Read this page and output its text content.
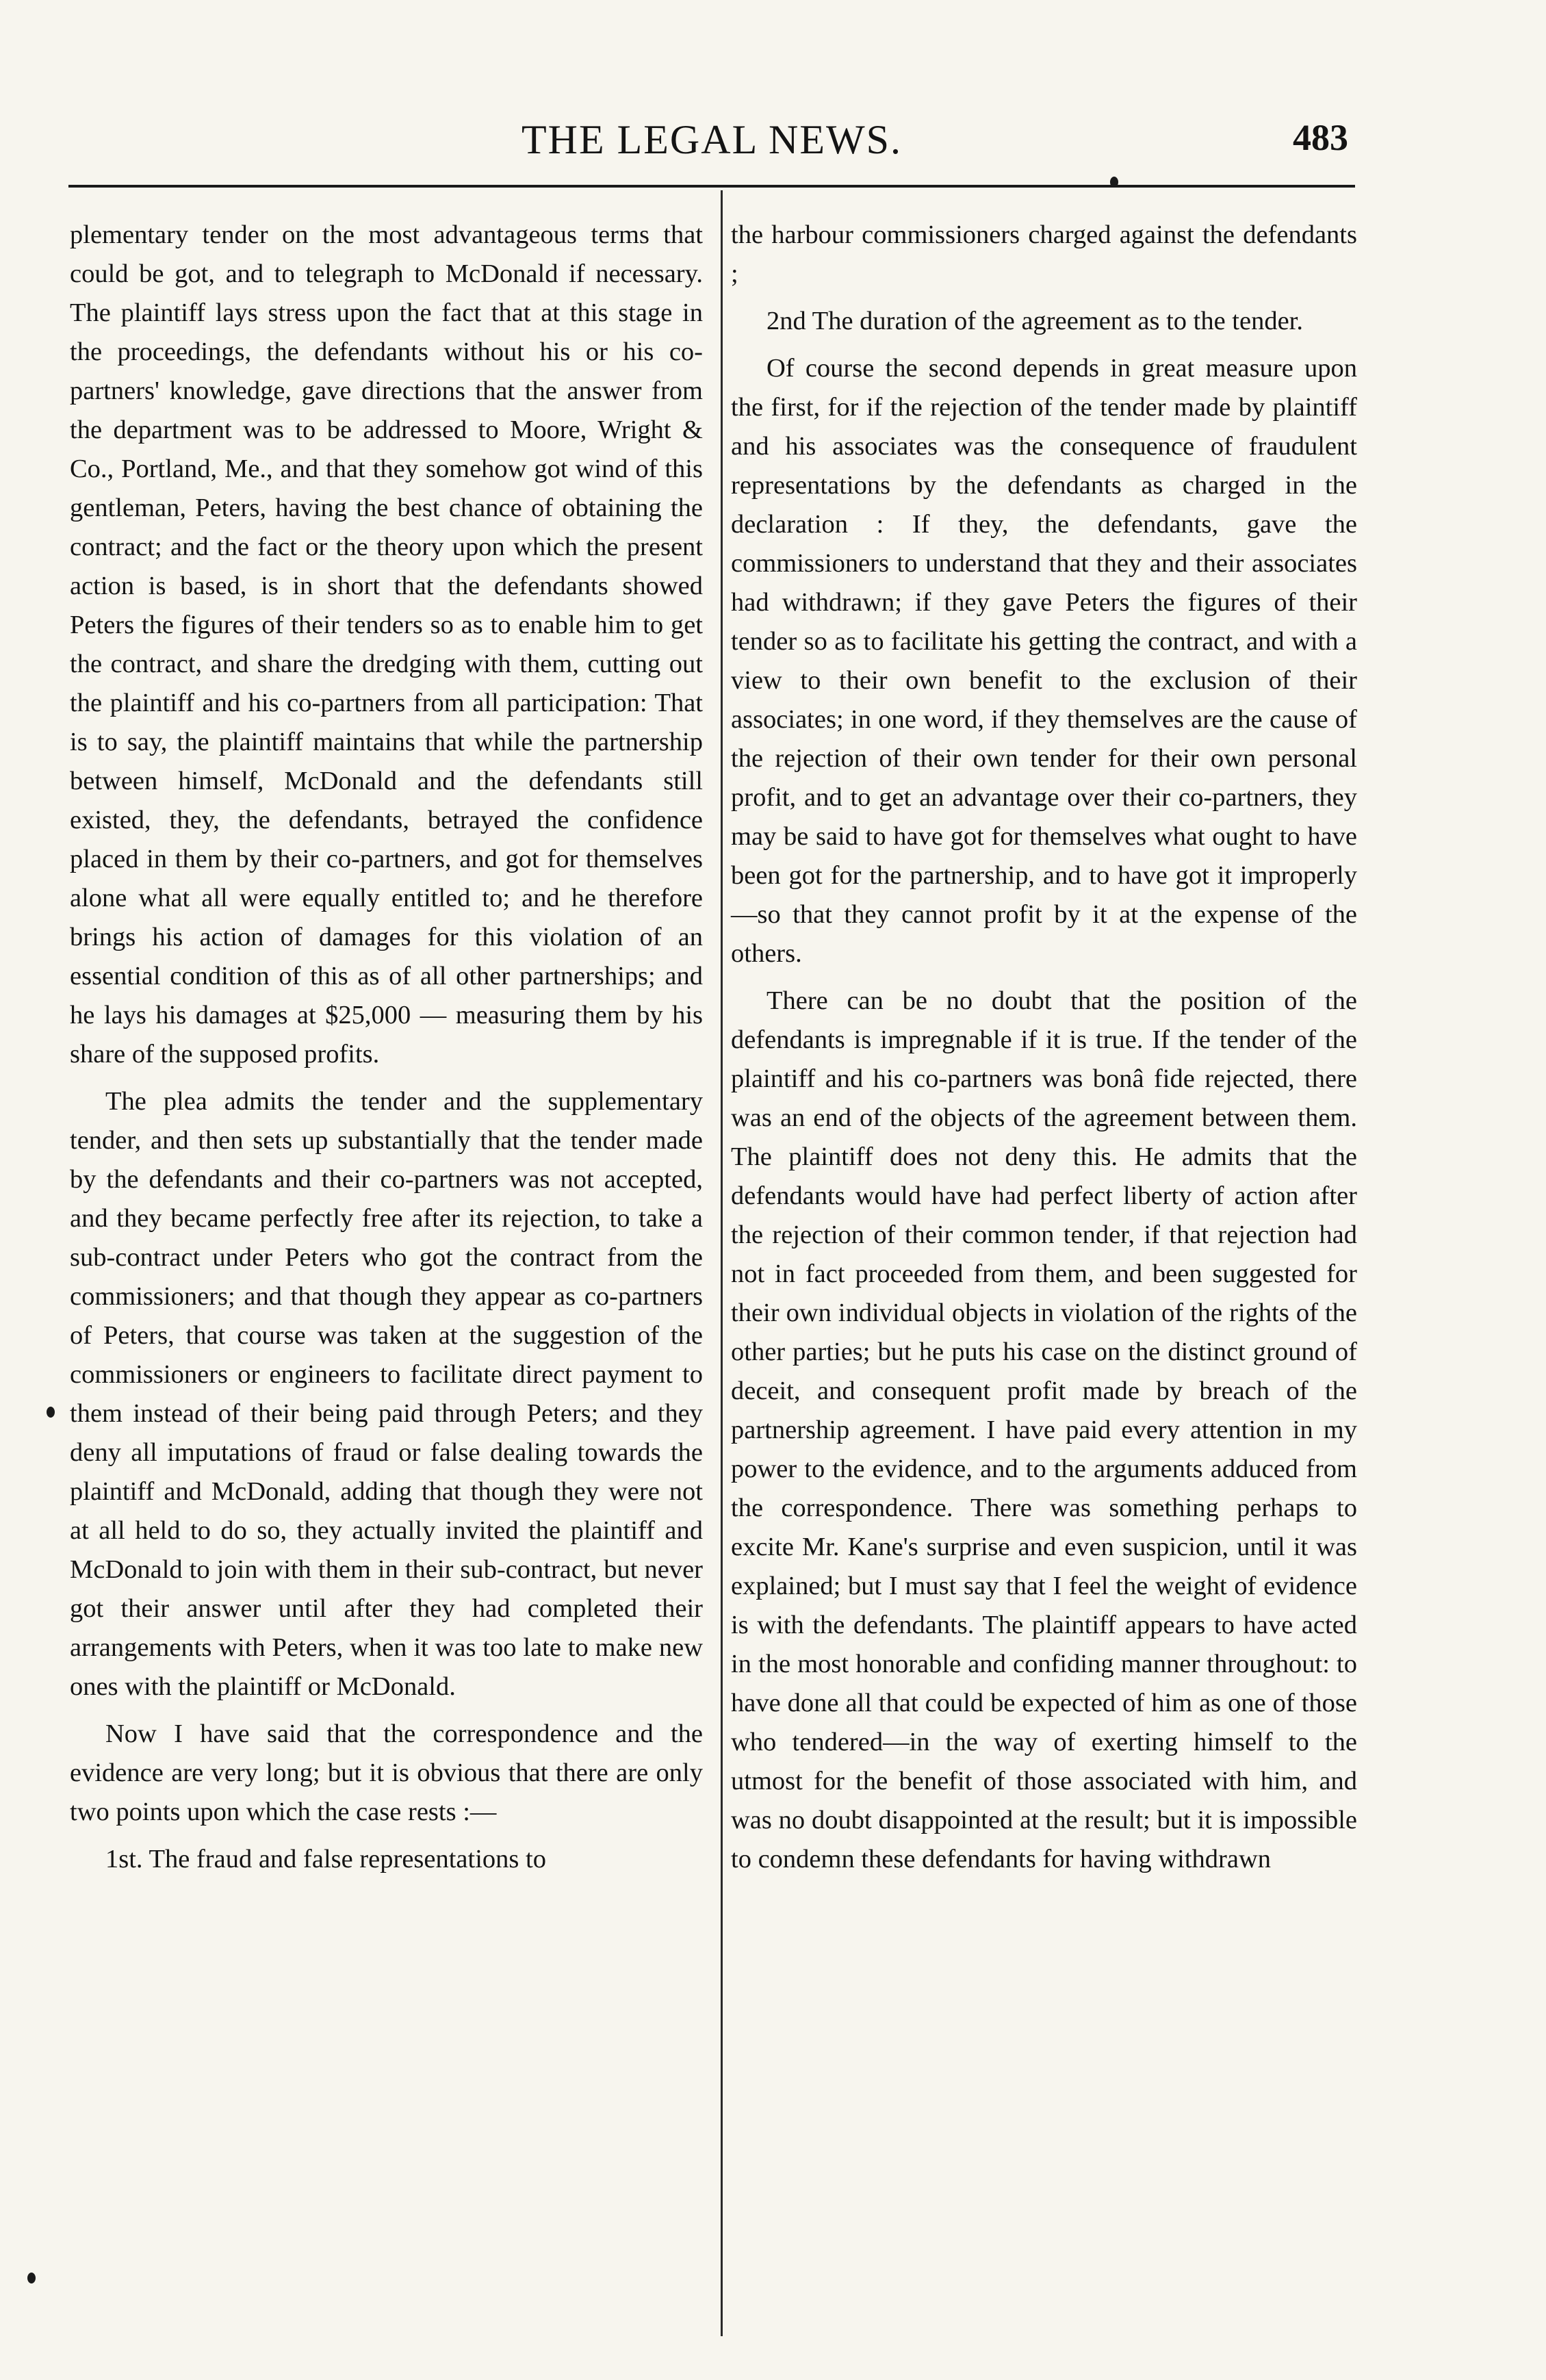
THE LEGAL NEWS.	483

plementary tender on the most advantageous terms that could be got, and to telegraph to McDonald if necessary. The plaintiff lays stress upon the fact that at this stage in the proceedings, the defendants without his or his co-partners' knowledge, gave directions that the answer from the department was to be addressed to Moore, Wright & Co., Portland, Me., and that they somehow got wind of this gentleman, Peters, having the best chance of obtaining the contract; and the fact or the theory upon which the present action is based, is in short that the defendants showed Peters the figures of their tenders so as to enable him to get the contract, and share the dredging with them, cutting out the plaintiff and his co-partners from all participation: That is to say, the plaintiff maintains that while the partnership between himself, McDonald and the defendants still existed, they, the defendants, betrayed the confidence placed in them by their co-partners, and got for themselves alone what all were equally entitled to; and he therefore brings his action of damages for this violation of an essential condition of this as of all other partnerships; and he lays his damages at $25,000 — measuring them by his share of the supposed profits.

The plea admits the tender and the supplementary tender, and then sets up substantially that the tender made by the defendants and their co-partners was not accepted, and they became perfectly free after its rejection, to take a sub-contract under Peters who got the contract from the commissioners; and that though they appear as co-partners of Peters, that course was taken at the suggestion of the commissioners or engineers to facilitate direct payment to them instead of their being paid through Peters; and they deny all imputations of fraud or false dealing towards the plaintiff and McDonald, adding that though they were not at all held to do so, they actually invited the plaintiff and McDonald to join with them in their sub-contract, but never got their answer until after they had completed their arrangements with Peters, when it was too late to make new ones with the plaintiff or McDonald.

Now I have said that the correspondence and the evidence are very long; but it is obvious that there are only two points upon which the case rests :—

1st. The fraud and false representations to

the harbour commissioners charged against the defendants ;

2nd The duration of the agreement as to the tender.

Of course the second depends in great measure upon the first, for if the rejection of the tender made by plaintiff and his associates was the consequence of fraudulent representations by the defendants as charged in the declaration : If they, the defendants, gave the commissioners to understand that they and their associates had withdrawn; if they gave Peters the figures of their tender so as to facilitate his getting the contract, and with a view to their own benefit to the exclusion of their associates; in one word, if they themselves are the cause of the rejection of their own tender for their own personal profit, and to get an advantage over their co-partners, they may be said to have got for themselves what ought to have been got for the partnership, and to have got it improperly—so that they cannot profit by it at the expense of the others.

There can be no doubt that the position of the defendants is impregnable if it is true. If the tender of the plaintiff and his co-partners was bonâ fide rejected, there was an end of the objects of the agreement between them. The plaintiff does not deny this. He admits that the defendants would have had perfect liberty of action after the rejection of their common tender, if that rejection had not in fact proceeded from them, and been suggested for their own individual objects in violation of the rights of the other parties; but he puts his case on the distinct ground of deceit, and consequent profit made by breach of the partnership agreement. I have paid every attention in my power to the evidence, and to the arguments adduced from the correspondence. There was something perhaps to excite Mr. Kane's surprise and even suspicion, until it was explained; but I must say that I feel the weight of evidence is with the defendants. The plaintiff appears to have acted in the most honorable and confiding manner throughout: to have done all that could be expected of him as one of those who tendered—in the way of exerting himself to the utmost for the benefit of those associated with him, and was no doubt disappointed at the result; but it is impossible to condemn these defendants for having withdrawn
